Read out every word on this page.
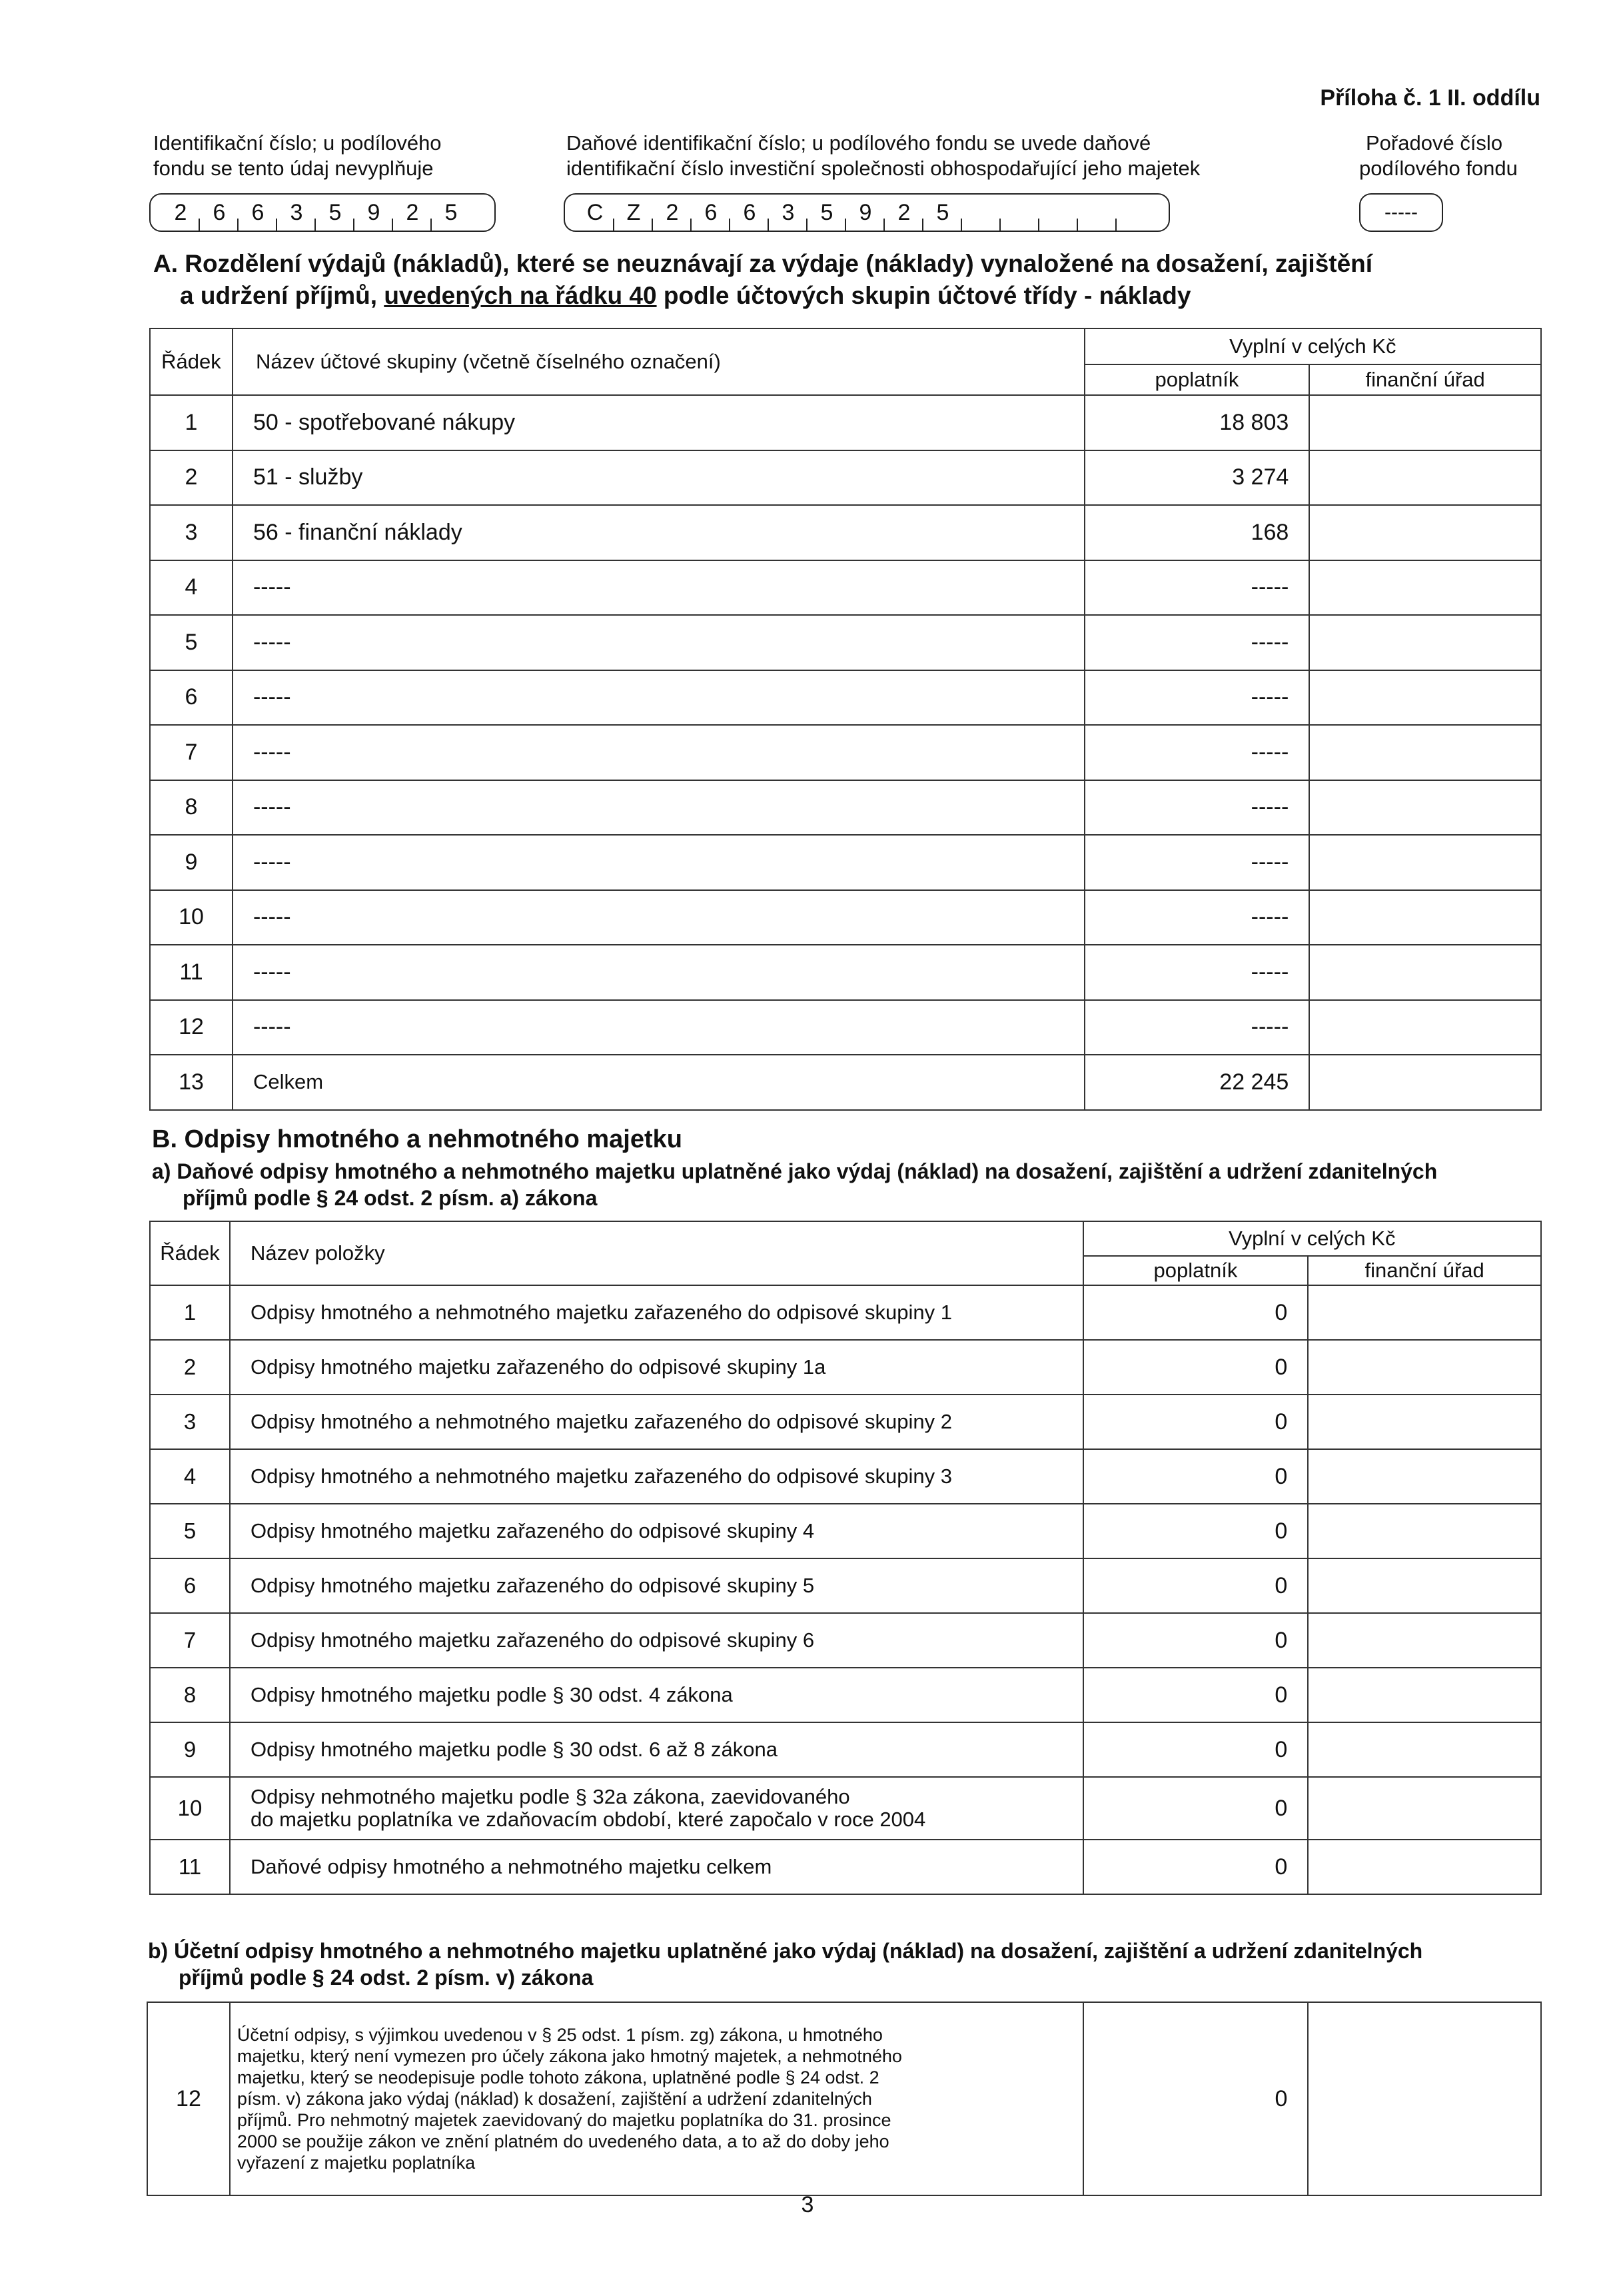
Příloha č. 1 II. oddílu
Identifikační číslo; u podílového
fondu se tento údaj nevyplňuje
2	6	6	3	5	9	2	5
Daňové identifikační číslo; u podílového fondu se uvede daňové
identifikační číslo investiční společnosti obhospodařující jeho majetek
C	Z	2	6	6	3	5	9	2	5
Pořadové číslo
podílového fondu
-----
A. Rozdělení výdajů (nákladů), které se neuznávají za výdaje (náklady) vynaložené na dosažení, zajištění
a udržení příjmů, uvedených na řádku 40 podle účtových skupin účtové třídy - náklady
Řádek	Název účtové skupiny (včetně číselného označení)	Vyplní v celých Kč	
		poplatník	finanční úřad
1	50 - spotřebované nákupy	18 803	
2	51 - služby	3 274	
3	56 - finanční náklady	168	
4	-----	-----	
5	-----	-----	
6	-----	-----	
7	-----	-----	
8	-----	-----	
9	-----	-----	
10	-----	-----	
11	-----	-----	
12	-----	-----	
13	Celkem	22 245	
B. Odpisy hmotného a nehmotného majetku
a) Daňové odpisy hmotného a nehmotného majetku uplatněné jako výdaj (náklad) na dosažení, zajištění a udržení zdanitelných
příjmů podle § 24 odst. 2 písm. a) zákona
Řádek	Název položky	Vyplní v celých Kč	
		poplatník	finanční úřad
1	Odpisy hmotného a nehmotného majetku zařazeného do odpisové skupiny 1	0	
2	Odpisy hmotného majetku zařazeného do odpisové skupiny 1a	0	
3	Odpisy hmotného a nehmotného majetku zařazeného do odpisové skupiny 2	0	
4	Odpisy hmotného a nehmotného majetku zařazeného do odpisové skupiny 3	0	
5	Odpisy hmotného majetku zařazeného do odpisové skupiny 4	0	
6	Odpisy hmotného majetku zařazeného do odpisové skupiny 5	0	
7	Odpisy hmotného majetku zařazeného do odpisové skupiny 6	0	
8	Odpisy hmotného majetku podle § 30 odst. 4 zákona	0	
9	Odpisy hmotného majetku podle § 30 odst. 6 až 8 zákona	0	
10	Odpisy nehmotného majetku podle § 32a zákona, zaevidovaného
do majetku poplatníka ve zdaňovacím období, které započalo v roce 2004	0	
11	Daňové odpisy hmotného a nehmotného majetku celkem	0	
b) Účetní odpisy hmotného a nehmotného majetku uplatněné jako výdaj (náklad) na dosažení, zajištění a udržení zdanitelných
příjmů podle § 24 odst. 2 písm. v) zákona
12	
Účetní odpisy, s výjimkou uvedenou v § 25 odst. 1 písm. zg) zákona, u hmotného
majetku, který není vymezen pro účely zákona jako hmotný majetek, a nehmotného
majetku, který se neodepisuje podle tohoto zákona, uplatněné podle § 24 odst. 2
písm. v) zákona jako výdaj (náklad) k dosažení, zajištění a udržení zdanitelných
příjmů. Pro nehmotný majetek zaevidovaný do majetku poplatníka do 31. prosince
2000 se použije zákon ve znění platném do uvedeného data, a to až do doby jeho
vyřazení z majetku poplatníka
	0	
3
